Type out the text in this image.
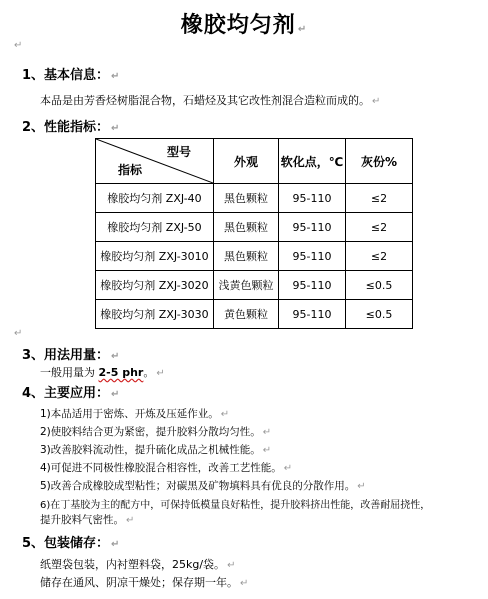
橡胶均匀剂 ↵
↵
1、基本信息： ↵
本品是由芳香烃树脂混合物，石蜡烃及其它改性剂混合造粒而成的。 ↵
2、性能指标： ↵
型号
指标	外观	软化点，℃	灰份%
橡胶均匀剂 ZXJ-40	黑色颗粒	95-110	≤2
橡胶均匀剂 ZXJ-50	黑色颗粒	95-110	≤2
橡胶均匀剂 ZXJ-3010	黑色颗粒	95-110	≤2
橡胶均匀剂 ZXJ-3020	浅黄色颗粒	95-110	≤0.5
橡胶均匀剂 ZXJ-3030	黄色颗粒	95-110	≤0.5
↵
3、用法用量： ↵
一般用量为 2-5 phr。 ↵
4、主要应用： ↵
1)本品适用于密炼、开炼及压延作业。 ↵
2)使胶料结合更为紧密，提升胶料分散均匀性。 ↵
3)改善胶料流动性，提升硫化成品之机械性能。 ↵
4)可促进不同极性橡胶混合相容性，改善工艺性能。 ↵
5)改善合成橡胶成型粘性；对碳黑及矿物填料具有优良的分散作用。 ↵
6)在丁基胶为主的配方中，可保持低模量良好粘性，提升胶料挤出性能，改善耐屈挠性，
提升胶料气密性。 ↵
5、包装储存： ↵
纸塑袋包装，内衬塑料袋，25kg/袋。 ↵
储存在通风、阴凉干燥处；保存期一年。 ↵
